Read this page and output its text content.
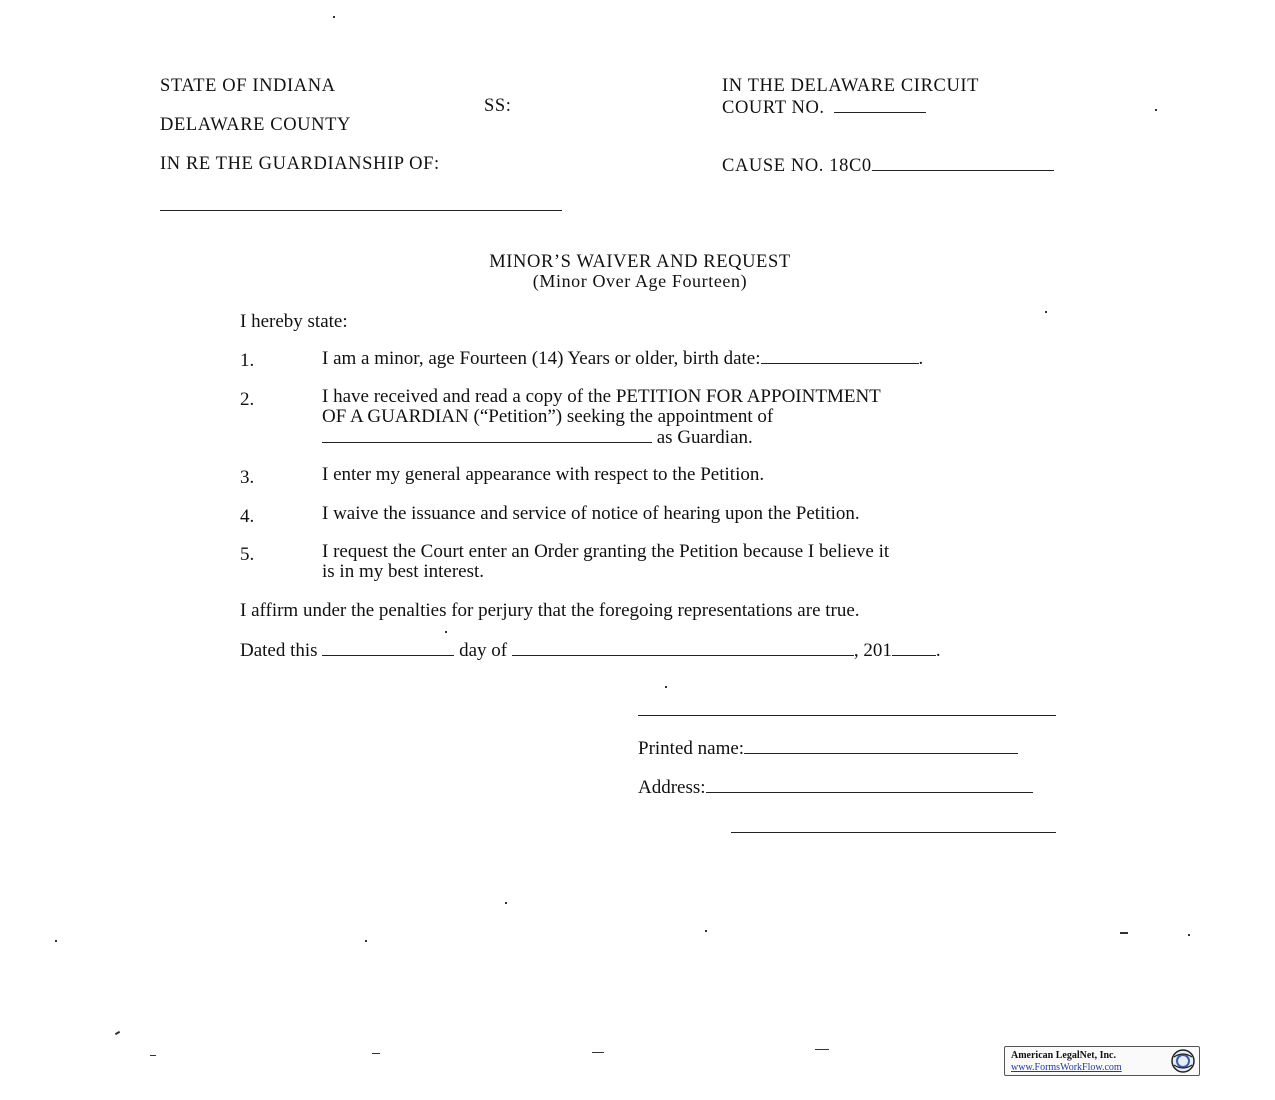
STATE OF INDIANA
SS:
DELAWARE COUNTY
IN THE DELAWARE CIRCUIT
COURT NO.
IN RE THE GUARDIANSHIP OF:	CAUSE NO. 18C0
MINOR’S WAIVER AND REQUEST
(Minor Over Age Fourteen)
I hereby state:
1.	I am a minor, age Fourteen (14) Years or older, birth date:	.
2.	I have received and read a copy of the PETITION FOR APPOINTMENT
OF A GUARDIAN (“Petition”) seeking the appointment of
as Guardian.
3.	I enter my general appearance with respect to the Petition.
4.	I waive the issuance and service of notice of hearing upon the Petition.
5.	I request the Court enter an Order granting the Petition because I believe it
is in my best interest.
I affirm under the penalties for perjury that the foregoing representations are true.
Dated this	day of	, 201 .
Printed name:
Address:
American LegalNet, Inc.
www.FormsWorkFlow.com
